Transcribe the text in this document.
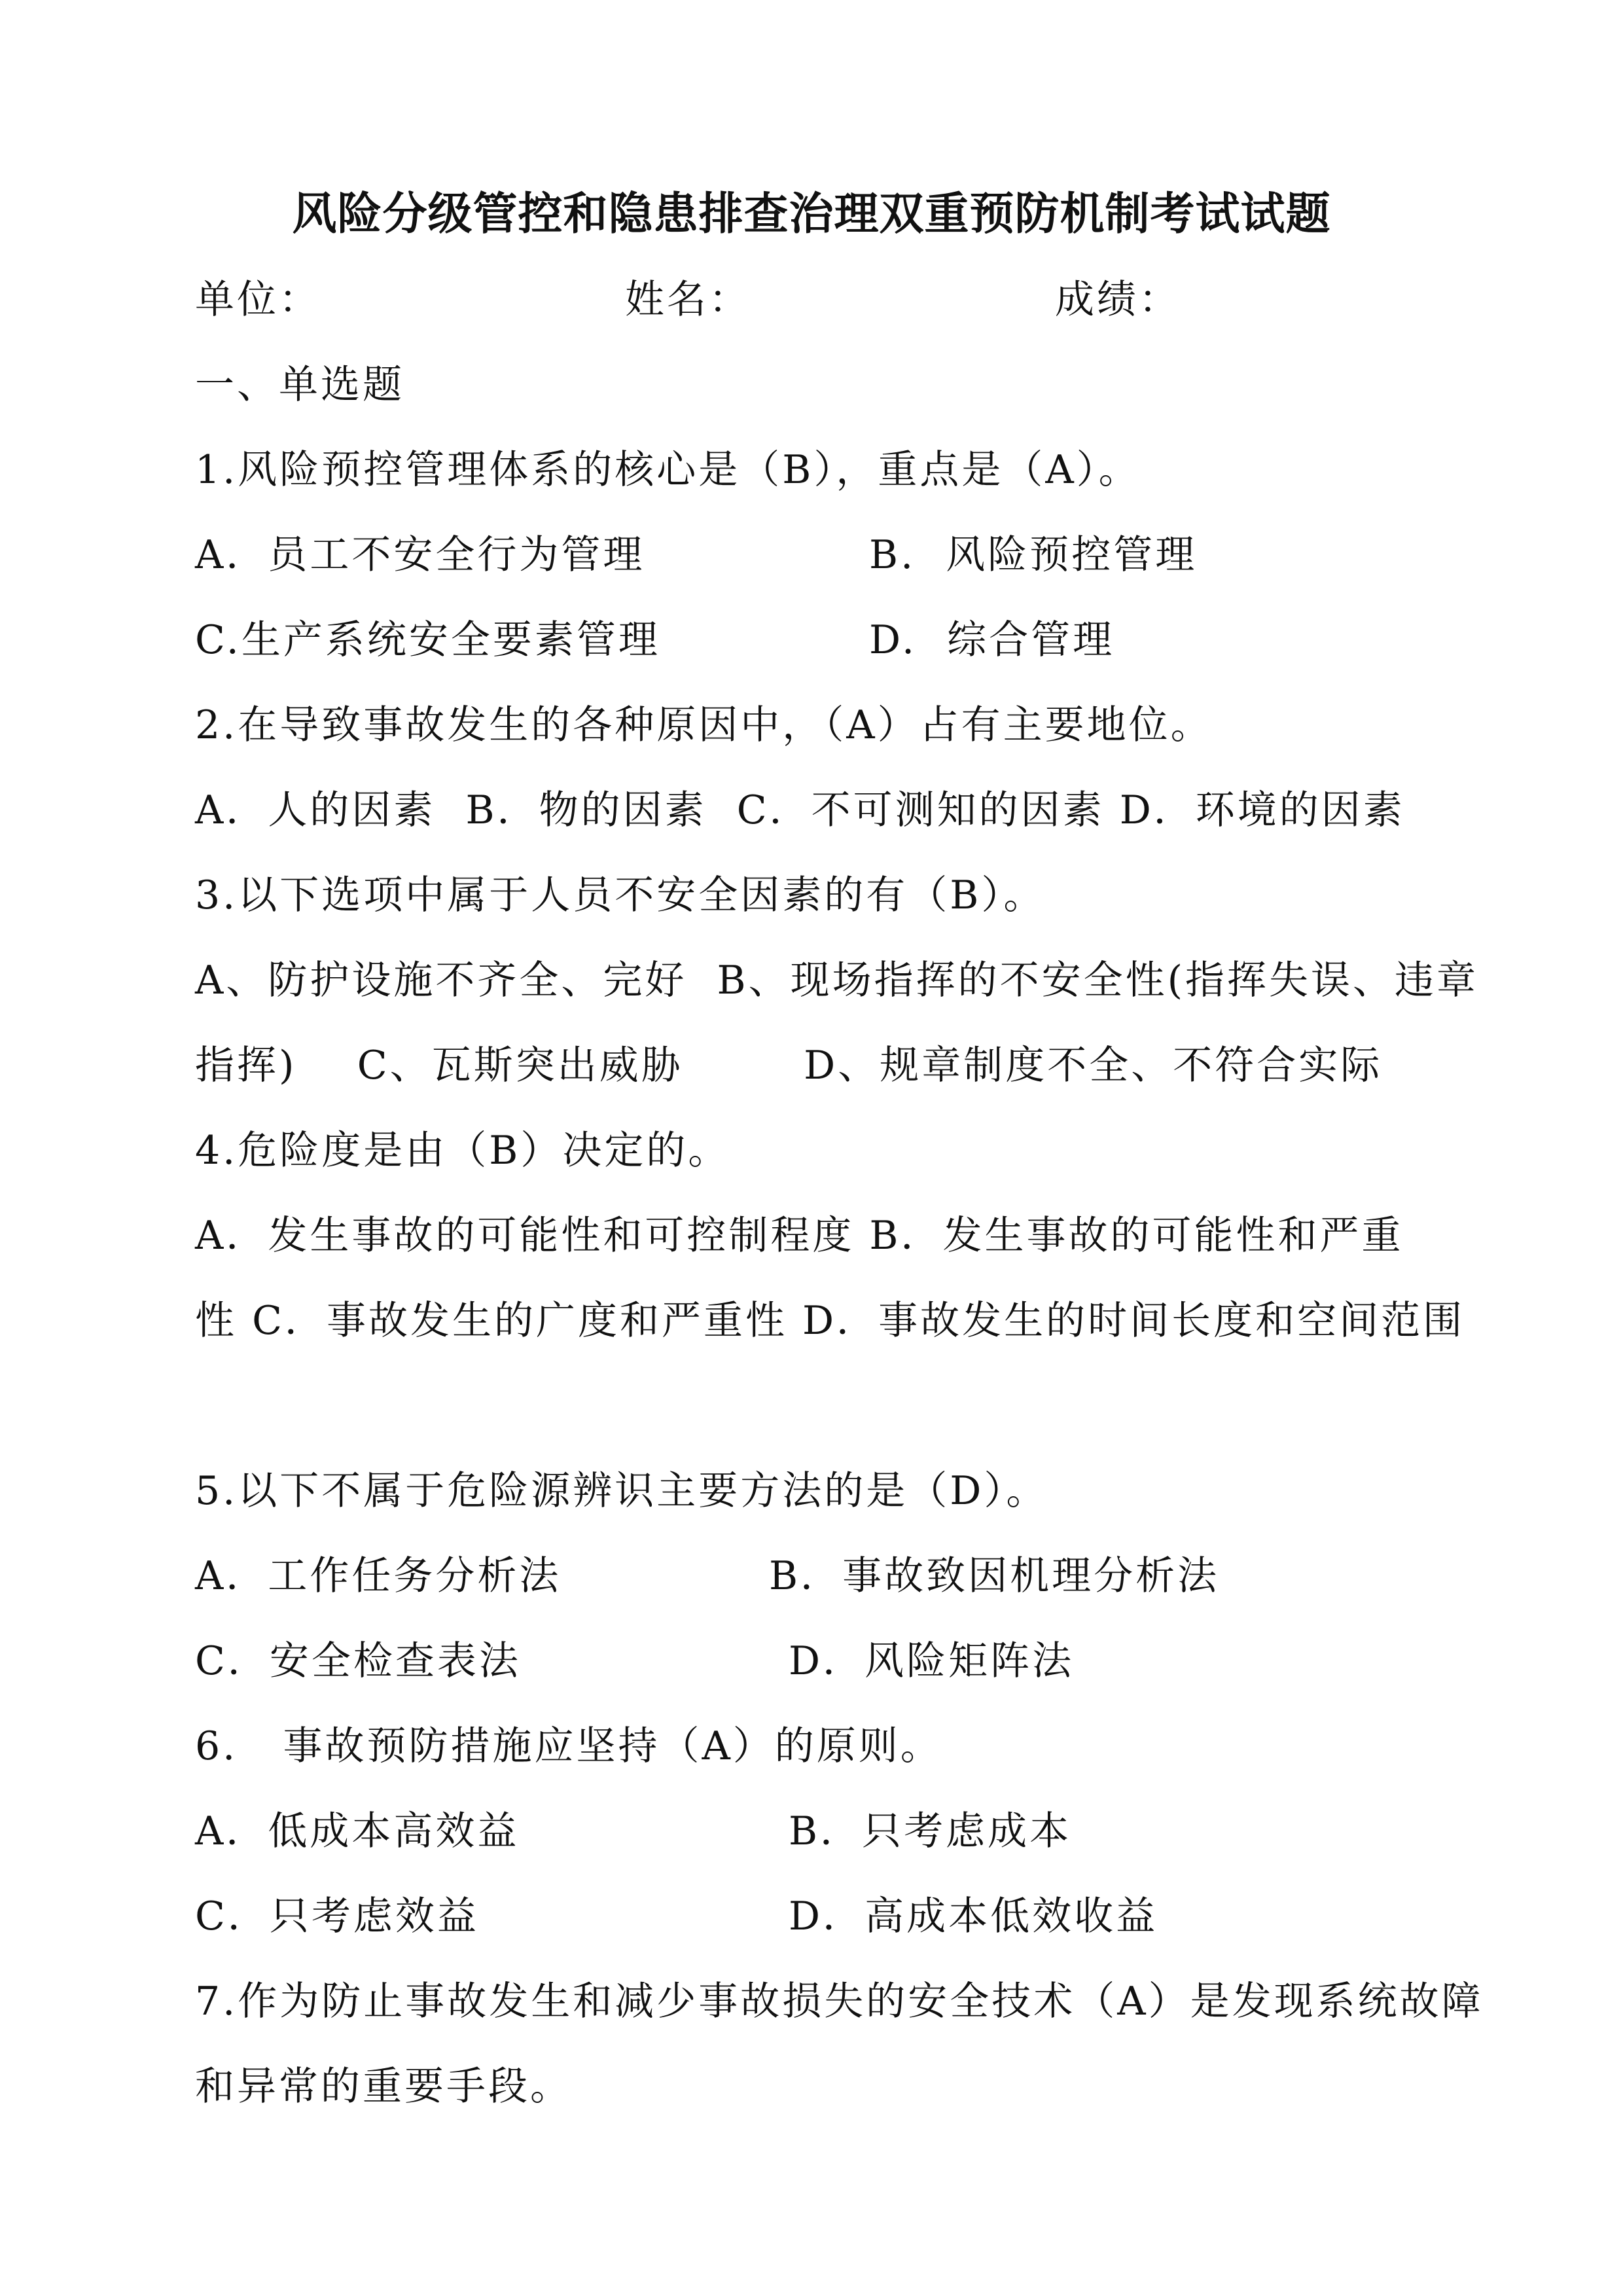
风险分级管控和隐患排查治理双重预防机制考试试题
单位：	姓名：	成绩：
一、单选题
1.风险预控管理体系的核心是（B），重点是（A）。
A．员工不安全行为管理	B.  风险预控管理
C.生产系统安全要素管理	D.  综合管理
2.在导致事故发生的各种原因中，（A）占有主要地位。
A．人的因素  B．物的因素  C．不可测知的因素 D．环境的因素
3.以下选项中属于人员不安全因素的有（B）。
A、防护设施不齐全、完好  B、现场指挥的不安全性(指挥失误、违章
指挥)    C、瓦斯突出威胁        D、规章制度不全、不符合实际
4.危险度是由（B）决定的。
A．发生事故的可能性和可控制程度 B．发生事故的可能性和严重
性 C．事故发生的广度和严重性 D．事故发生的时间长度和空间范围
5.以下不属于危险源辨识主要方法的是（D）。
A．工作任务分析法	B．事故致因机理分析法
C．安全检查表法	D．风险矩阵法
6.   事故预防措施应坚持（A）的原则。
A．低成本高效益	B．只考虑成本
C．只考虑效益	D．高成本低效收益
7.作为防止事故发生和减少事故损失的安全技术（A）是发现系统故障
和异常的重要手段。
